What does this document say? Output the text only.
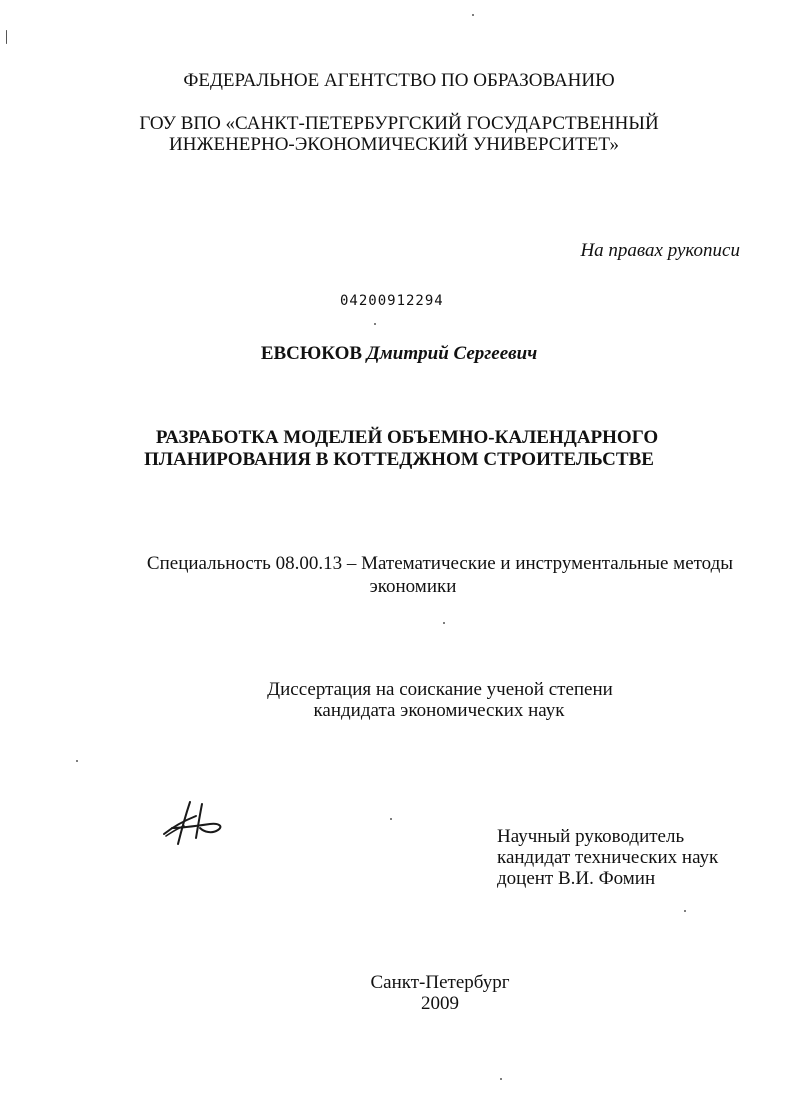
ФЕДЕРАЛЬНОЕ АГЕНТСТВО ПО ОБРАЗОВАНИЮ
ГОУ ВПО «САНКТ-ПЕТЕРБУРГСКИЙ ГОСУДАРСТВЕННЫЙ
ИНЖЕНЕРНО-ЭКОНОМИЧЕСКИЙ УНИВЕРСИТЕТ»
На правах рукописи
04200912294
ЕВСЮКОВ Дмитрий Сергеевич
РАЗРАБОТКА МОДЕЛЕЙ ОБЪЕМНО-КАЛЕНДАРНОГО
ПЛАНИРОВАНИЯ В КОТТЕДЖНОМ СТРОИТЕЛЬСТВЕ
Специальность 08.00.13 – Математические и инструментальные методы
экономики
Диссертация на соискание ученой степени
кандидата экономических наук
Научный руководитель
кандидат технических наук
доцент В.И. Фомин
Санкт-Петербург
2009
